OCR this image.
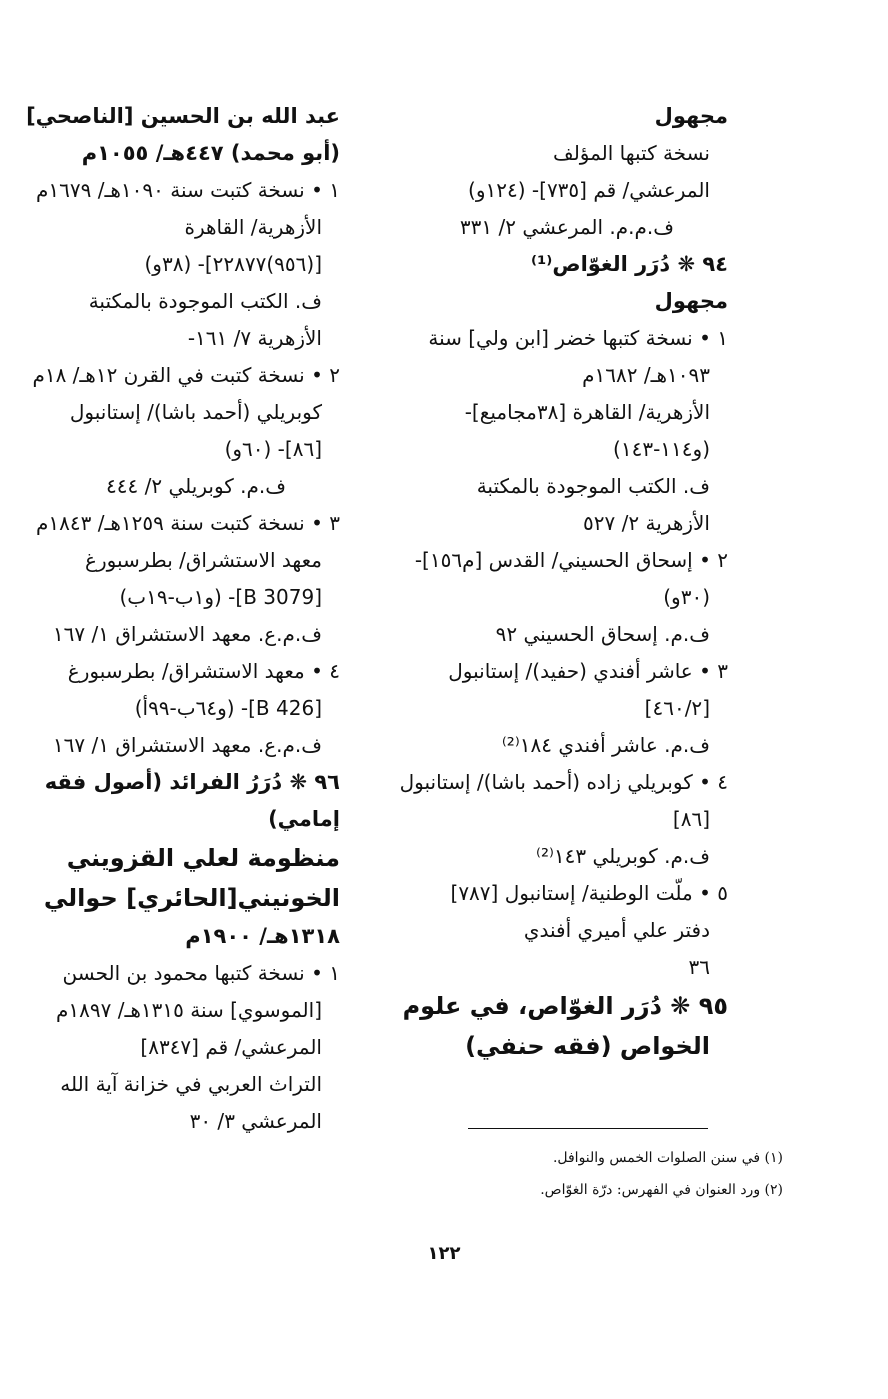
مجهول
نسخة كتبها المؤلف
المرعشي/ قم [٧٣٥]- (١٢٤و)
ف.م.م. المرعشي ٢/ ٣٣١
٩٤ ❋ دُرَر الغوّاص⁽¹⁾
مجهول
١ • نسخة كتبها خضر [ابن ولي] سنة
١٠٩٣هـ/ ١٦٨٢م
الأزهرية/ القاهرة [٣٨مجاميع]-
(و١١٤-١٤٣)
ف. الكتب الموجودة بالمكتبة
الأزهرية ٢/ ٥٢٧
٢ • إسحاق الحسيني/ القدس [م١٥٦]-
(٣٠و)
ف.م. إسحاق الحسيني ٩٢
٣ • عاشر أفندي (حفيد)/ إستانبول
[٤٦٠/٢]
ف.م. عاشر أفندي ١٨٤⁽²⁾
٤ • كوبريلي زاده (أحمد باشا)/ إستانبول
[٨٦]
ف.م. كوبريلي ١٤٣⁽²⁾
٥ • ملّت الوطنية/ إستانبول [٧٨٧]
دفتر علي أميري أفندي
٣٦
٩٥ ❋ دُرَر الغوّاص، في علوم
الخواص (فقه حنفي)
عبد الله بن الحسين [الناصحي]
(أبو محمد) ٤٤٧هـ/ ١٠٥٥م
١ • نسخة كتبت سنة ١٠٩٠هـ/ ١٦٧٩م
الأزهرية/ القاهرة
[(٩٥٦)٢٢٨٧٧]- (٣٨و)
ف. الكتب الموجودة بالمكتبة
الأزهرية ٧/ ١٦١-
٢ • نسخة كتبت في القرن ١٢هـ/ ١٨م
كوبريلي (أحمد باشا)/ إستانبول
[٨٦]- (٦٠و)
ف.م. كوبريلي ٢/ ٤٤٤
٣ • نسخة كتبت سنة ١٢٥٩هـ/ ١٨٤٣م
معهد الاستشراق/ بطرسبورغ
[B 3079]- (و١ب-١٩ب)
ف.م.ع. معهد الاستشراق ١/ ١٦٧
٤ • معهد الاستشراق/ بطرسبورغ
[B 426]- (و٦٤ب-٩٩أ)
ف.م.ع. معهد الاستشراق ١/ ١٦٧
٩٦ ❋ دُرَرُ الفرائد (أصول فقه
إمامي)
منظومة لعلي القزويني
الخونيني[الحائري] حوالي
١٣١٨هـ/ ١٩٠٠م
١ • نسخة كتبها محمود بن الحسن
[الموسوي] سنة ١٣١٥هـ/ ١٨٩٧م
المرعشي/ قم [٨٣٤٧]
التراث العربي في خزانة آية الله
المرعشي ٣/ ٣٠
(١) في سنن الصلوات الخمس والنوافل.
(٢) ورد العنوان في الفهرس: درّة الغوّاص.
١٢٢
